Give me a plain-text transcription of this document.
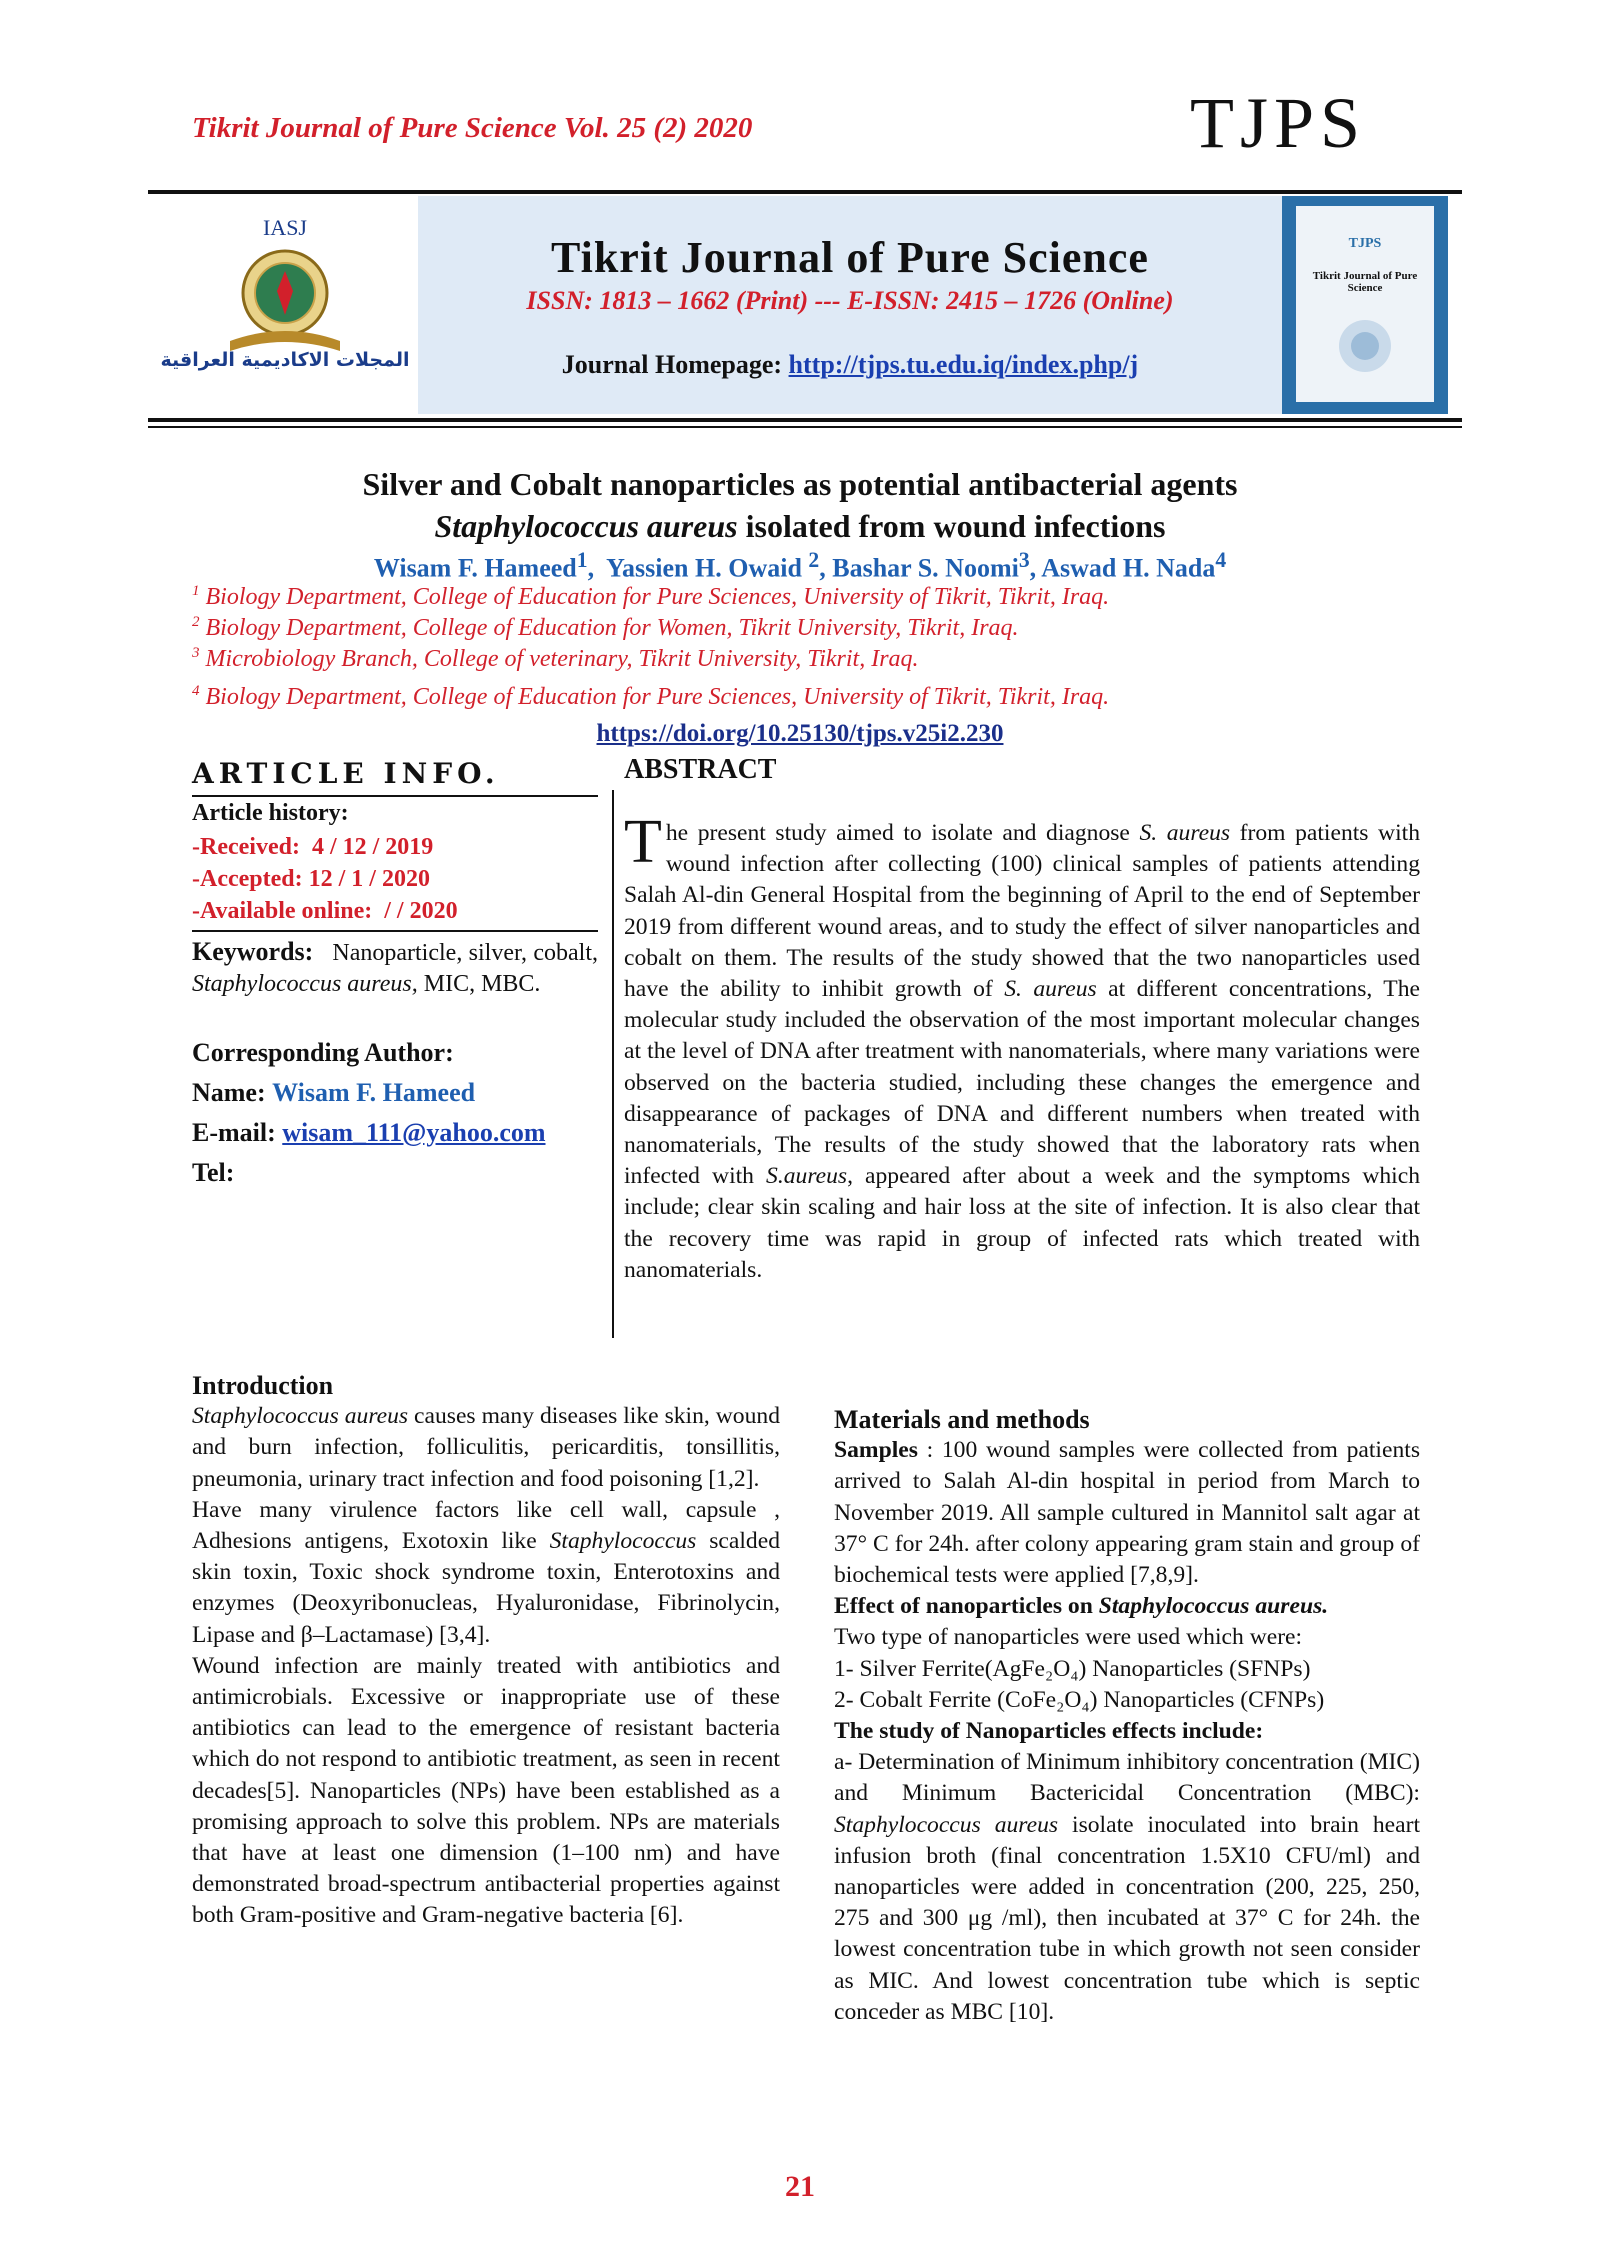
Tikrit Journal of Pure Science Vol. 25 (2) 2020	TJPS
IASJ
المجلات الاكاديمية العراقية
Tikrit Journal of Pure Science
ISSN: 1813 – 1662 (Print) --- E-ISSN: 2415 – 1726 (Online)
Journal Homepage: http://tjps.tu.edu.iq/index.php/j
TJPS
Tikrit Journal of Pure Science
Silver and Cobalt nanoparticles as potential antibacterial agents
Staphylococcus aureus isolated from wound infections
Wisam F. Hameed$^1$,  Yassien H. Owaid $^2$, Bashar S. Noomi$^3$, Aswad H. Nada$^4$
$^1$ Biology Department, College of Education for Pure Sciences, University of Tikrit, Tikrit, Iraq.
$^2$ Biology Department, College of Education for Women, Tikrit University, Tikrit, Iraq.
$^3$ Microbiology Branch, College of veterinary, Tikrit University, Tikrit, Iraq.
$^4$ Biology Department, College of Education for Pure Sciences, University of Tikrit, Tikrit, Iraq.
https://doi.org/10.25130/tjps.v25i2.230
ARTICLE INFO.
Article history:
-Received: 4 / 12 / 2019
-Accepted: 12 / 1 / 2020
-Available online: / / 2020
Keywords: Nanoparticle, silver, cobalt, Staphylococcus aureus, MIC, MBC.
Corresponding Author:
Name: Wisam F. Hameed
E-mail: wisam_111@yahoo.com
Tel:
ABSTRACT
The present study aimed to isolate and diagnose S. aureus from patients with wound infection after collecting (100) clinical samples of patients attending Salah Al-din General Hospital from the beginning of April to the end of September 2019 from different wound areas, and to study the effect of silver nanoparticles and cobalt on them. The results of the study showed that the two nanoparticles used have the ability to inhibit growth of S. aureus at different concentrations, The molecular study included the observation of the most important molecular changes at the level of DNA after treatment with nanomaterials, where many variations were observed on the bacteria studied, including these changes the emergence and disappearance of packages of DNA and different numbers when treated with nanomaterials, The results of the study showed that the laboratory rats when infected with S.aureus, appeared after about a week and the symptoms which include; clear skin scaling and hair loss at the site of infection. It is also clear that the recovery time was rapid in group of infected rats which treated with nanomaterials.
Introduction

Staphylococcus aureus causes many diseases like skin, wound and burn infection, folliculitis, pericarditis, tonsillitis, pneumonia, urinary tract infection and food poisoning [1,2].

Have many virulence factors like cell wall, capsule , Adhesions antigens, Exotoxin like Staphylococcus scalded skin toxin, Toxic shock syndrome toxin, Enterotoxins and enzymes (Deoxyribonucleas, Hyaluronidase, Fibrinolycin, Lipase and β–Lactamase) [3,4].

Wound infection are mainly treated with antibiotics and antimicrobials. Excessive or inappropriate use of these antibiotics can lead to the emergence of resistant bacteria which do not respond to antibiotic treatment, as seen in recent decades[5]. Nanoparticles (NPs) have been established as a promising approach to solve this problem. NPs are materials that have at least one dimension (1–100 nm) and have demonstrated broad-spectrum antibacterial properties against both Gram-positive and Gram-negative bacteria [6].

Materials and methods

Samples : 100 wound samples were collected from patients arrived to Salah Al-din hospital in period from March to November 2019. All sample cultured in Mannitol salt agar at 37° C for 24h. after colony appearing gram stain and group of biochemical tests were applied [7,8,9].

Effect of nanoparticles on Staphylococcus aureus.

Two type of nanoparticles were used which were:

1- Silver Ferrite(AgFe₂O₄) Nanoparticles (SFNPs)

2- Cobalt Ferrite (CoFe₂O₄) Nanoparticles (CFNPs)

The study of Nanoparticles effects include:

a- Determination of Minimum inhibitory concentration (MIC) and Minimum Bactericidal Concentration (MBC): Staphylococcus aureus isolate inoculated into brain heart infusion broth (final concentration 1.5X10 CFU/ml) and nanoparticles were added in concentration (200, 225, 250, 275 and 300 μg /ml), then incubated at 37° C for 24h. the lowest concentration tube in which growth not seen consider as MIC. And lowest concentration tube which is septic conceder as MBC [10].

21
